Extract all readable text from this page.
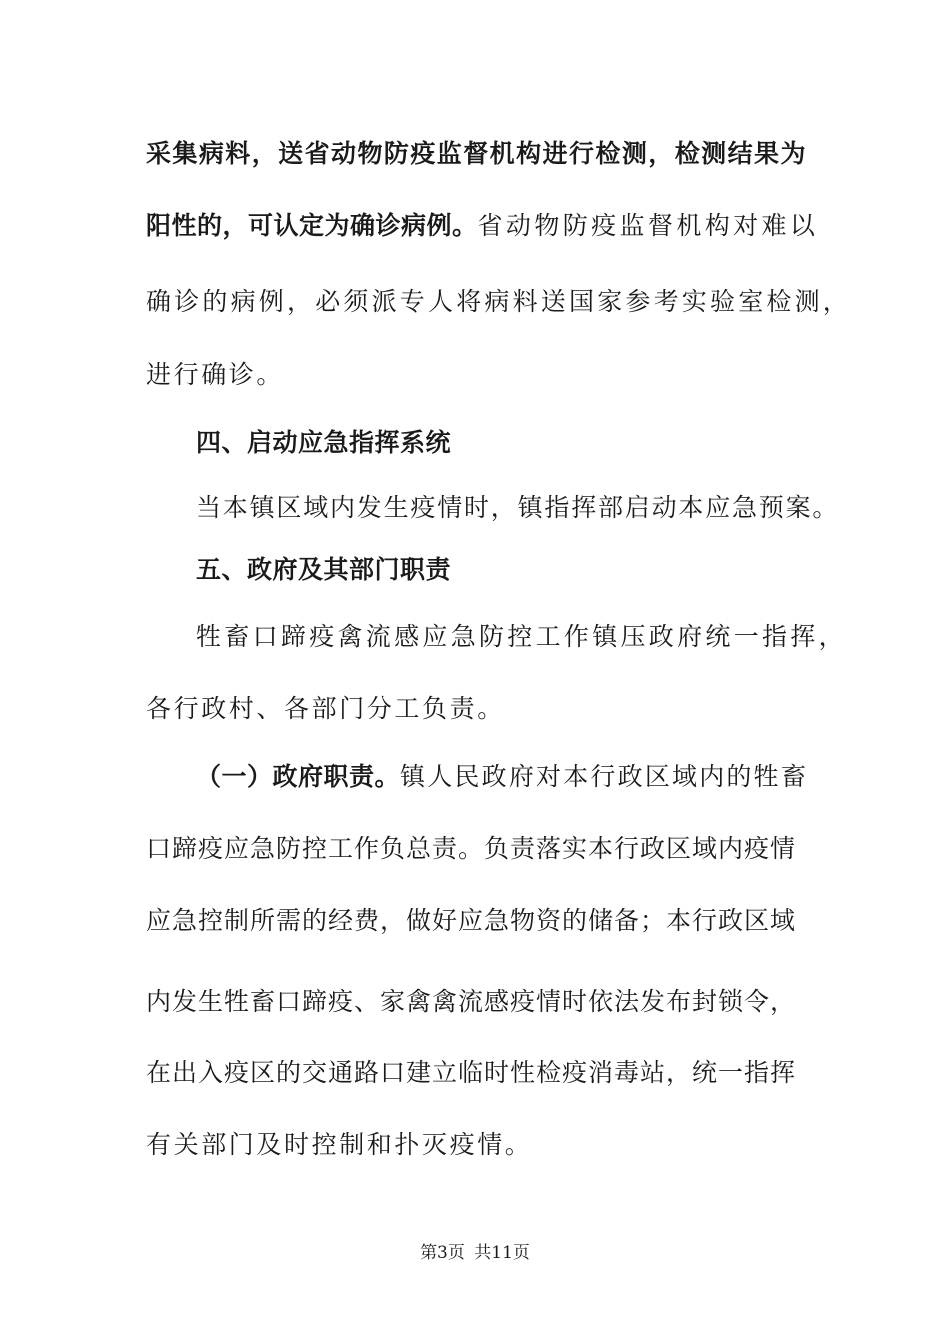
采集病料，送省动物防疫监督机构进行检测，检测结果为
阳性的，可认定为确诊病例。省动物防疫监督机构对难以
确诊的病例，必须派专人将病料送国家参考实验室检测，
进行确诊。
四、启动应急指挥系统
当本镇区域内发生疫情时，镇指挥部启动本应急预案。
五、政府及其部门职责
牲畜口蹄疫禽流感应急防控工作镇压政府统一指挥，
各行政村、各部门分工负责。
（一）政府职责。镇人民政府对本行政区域内的牲畜
口蹄疫应急防控工作负总责。负责落实本行政区域内疫情
应急控制所需的经费，做好应急物资的储备；本行政区域
内发生牲畜口蹄疫、家禽禽流感疫情时依法发布封锁令，
在出入疫区的交通路口建立临时性检疫消毒站，统一指挥
有关部门及时控制和扑灭疫情。
第3页 共11页
